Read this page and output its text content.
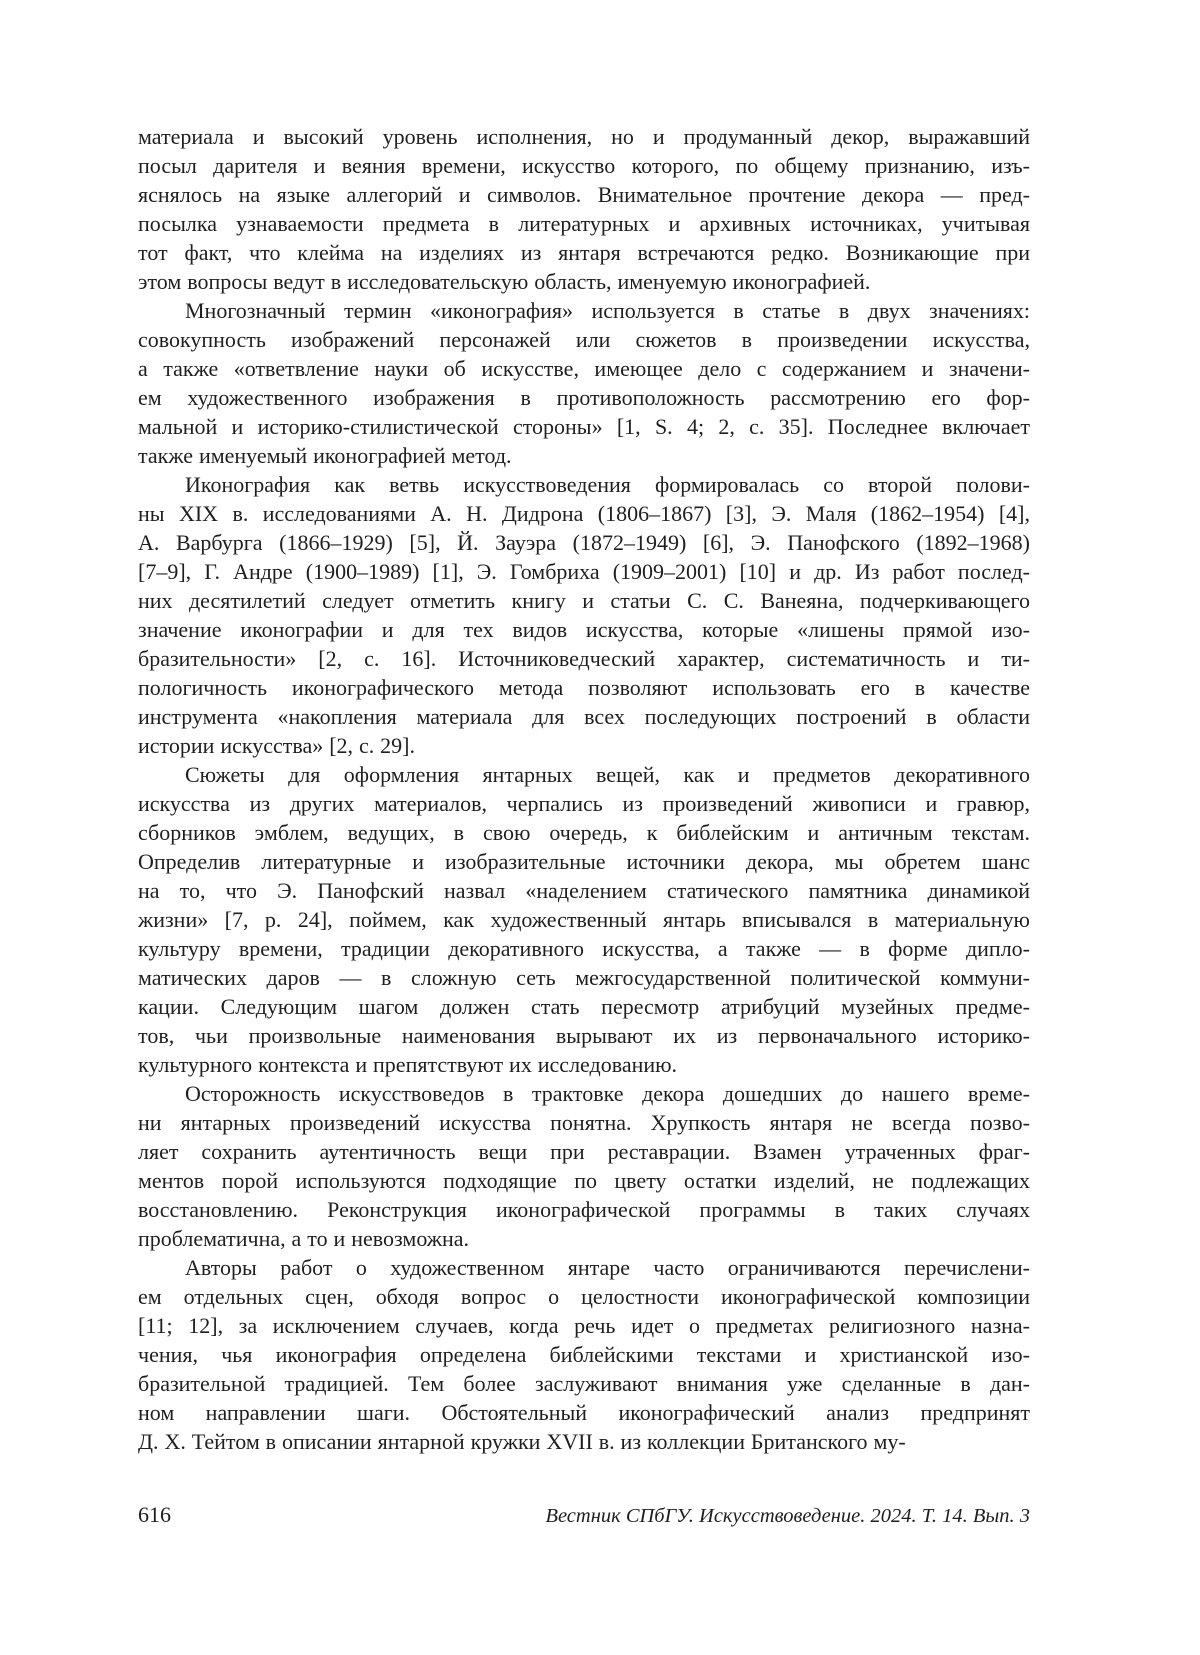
материала и высокий уровень исполнения, но и продуманный декор, выражавший
посыл дарителя и веяния времени, искусство которого, по общему признанию, изъ-
яснялось на языке аллегорий и символов. Внимательное прочтение декора — пред-
посылка узнаваемости предмета в литературных и архивных источниках, учитывая
тот факт, что клейма на изделиях из янтаря встречаются редко. Возникающие при
этом вопросы ведут в исследовательскую область, именуемую иконографией.
Многозначный термин «иконография» используется в статье в двух значениях:
совокупность изображений персонажей или сюжетов в произведении искусства,
а также «ответвление науки об искусстве, имеющее дело с содержанием и значени-
ем художественного изображения в противоположность рассмотрению его фор-
мальной и историко-стилистической стороны» [1, S. 4; 2, с. 35]. Последнее включает
также именуемый иконографией метод.
Иконография как ветвь искусствоведения формировалась со второй полови-
ны XIX в. исследованиями А. Н. Дидрона (1806–1867) [3], Э. Маля (1862–1954) [4],
А. Варбурга (1866–1929) [5], Й. Зауэра (1872–1949) [6], Э. Панофского (1892–1968)
[7–9], Г. Андре (1900–1989) [1], Э. Гомбриха (1909–2001) [10] и др. Из работ послед-
них десятилетий следует отметить книгу и статьи С. С. Ванеяна, подчеркивающего
значение иконографии и для тех видов искусства, которые «лишены прямой изо-
бразительности» [2, с. 16]. Источниковедческий характер, систематичность и ти-
пологичность иконографического метода позволяют использовать его в качестве
инструмента «накопления материала для всех последующих построений в области
истории искусства» [2, с. 29].
Сюжеты для оформления янтарных вещей, как и предметов декоративного
искусства из других материалов, черпались из произведений живописи и гравюр,
сборников эмблем, ведущих, в свою очередь, к библейским и античным текстам.
Определив литературные и изобразительные источники декора, мы обретем шанс
на то, что Э. Панофский назвал «наделением статического памятника динамикой
жизни» [7, p. 24], поймем, как художественный янтарь вписывался в материальную
культуру времени, традиции декоративного искусства, а также — в форме дипло-
матических даров — в сложную сеть межгосударственной политической коммуни-
кации. Следующим шагом должен стать пересмотр атрибуций музейных предме-
тов, чьи произвольные наименования вырывают их из первоначального историко-
культурного контекста и препятствуют их исследованию.
Осторожность искусствоведов в трактовке декора дошедших до нашего време-
ни янтарных произведений искусства понятна. Хрупкость янтаря не всегда позво-
ляет сохранить аутентичность вещи при реставрации. Взамен утраченных фраг-
ментов порой используются подходящие по цвету остатки изделий, не подлежащих
восстановлению. Реконструкция иконографической программы в таких случаях
проблематична, а то и невозможна.
Авторы работ о художественном янтаре часто ограничиваются перечислени-
ем отдельных сцен, обходя вопрос о целостности иконографической композиции
[11; 12], за исключением случаев, когда речь идет о предметах религиозного назна-
чения, чья иконография определена библейскими текстами и христианской изо-
бразительной традицией. Тем более заслуживают внимания уже сделанные в дан-
ном направлении шаги. Обстоятельный иконографический анализ предпринят
Д. Х. Тейтом в описании янтарной кружки XVII в. из коллекции Британского му-
616	Вестник СПбГУ. Искусствоведение. 2024. Т. 14. Вып. 3
